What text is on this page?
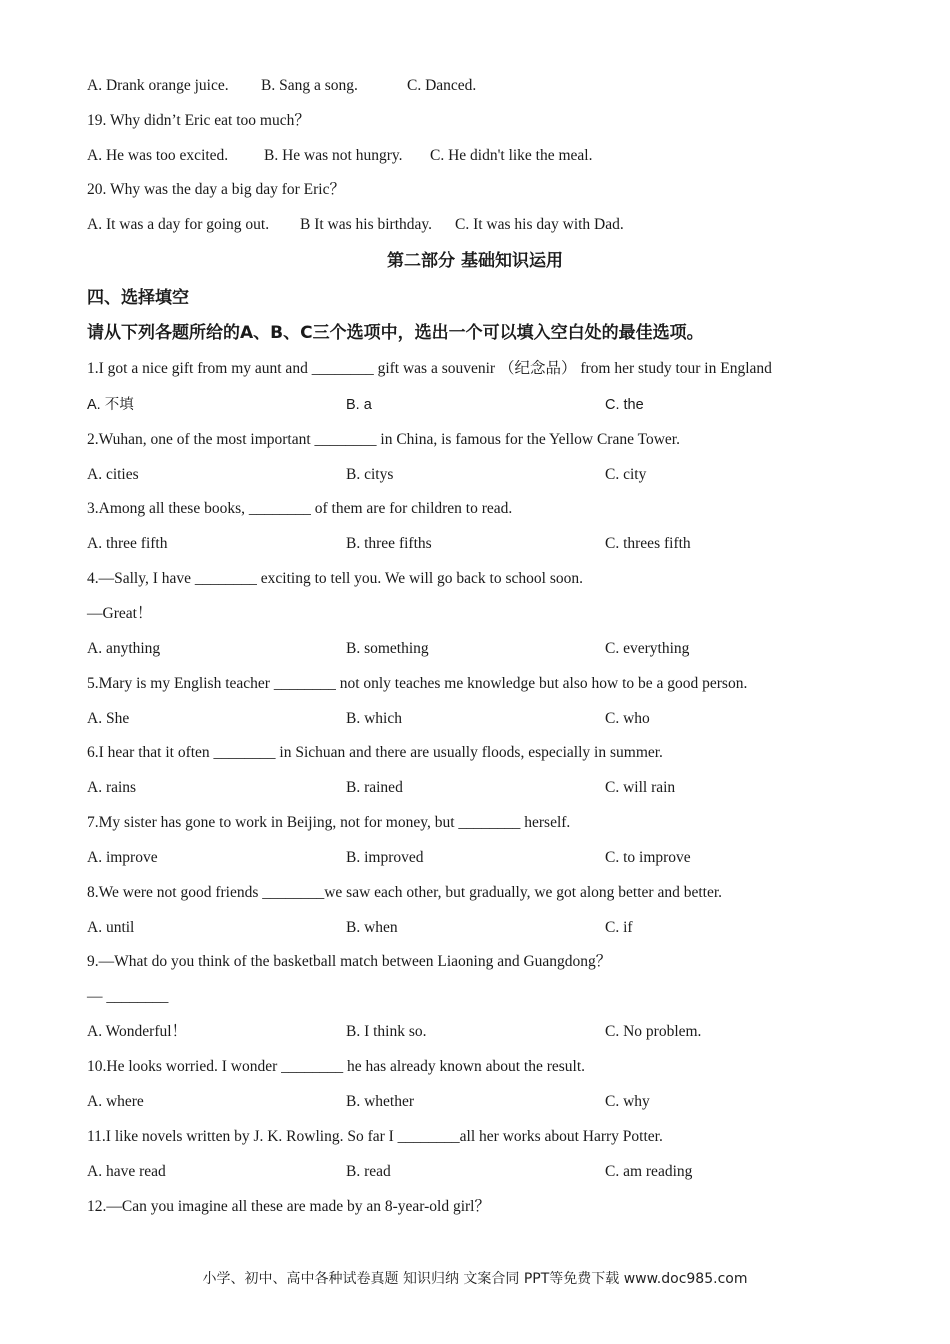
A. Drank orange juice. B. Sang a song.	C. Danced.
19. Why didn’t Eric eat too much？
A. He was too excited. B. He was not hungry. C. He didn't like the meal.
20. Why was the day a big day for Eric？
A. It was a day for going out. B It was his birthday. C. It was his day with Dad.
第二部分 基础知识运用
四、选择填空
请从下列各题所给的A、B、C三个选项中，选出一个可以填入空白处的最佳选项。
1.I got a nice gift from my aunt and ________ gift was a souvenir （纪念品） from her study tour in England
A. 不填	B. a	C. the
2.Wuhan, one of the most important ________ in China, is famous for the Yellow Crane Tower.
A. cities	B. citys	C. city
3.Among all these books, ________ of them are for children to read.
A. three fifth	B. three fifths	C. threes fifth
4.—Sally, I have ________ exciting to tell you. We will go back to school soon.
—Great！
A. anything	B. something	C. everything
5.Mary is my English teacher ________ not only teaches me knowledge but also how to be a good person.
A. She	B. which	C. who
6.I hear that it often ________ in Sichuan and there are usually floods, especially in summer.
A. rains	B. rained	C. will rain
7.My sister has gone to work in Beijing, not for money, but ________ herself.
A. improve	B. improved	C. to improve
8.We were not good friends ________we saw each other, but gradually, we got along better and better.
A. until	B. when	C. if
9.—What do you think of the basketball match between Liaoning and Guangdong？
— ________
A. Wonderful！	B. I think so.	C. No problem.
10.He looks worried. I wonder ________ he has already known about the result.
A. where	B. whether	C. why
11.I like novels written by J. K. Rowling. So far I ________all her works about Harry Potter.
A. have read	B. read	C. am reading
12.—Can you imagine all these are made by an 8-year-old girl？
小学、初中、高中各种试卷真题 知识归纳 文案合同 PPT等免费下载 www.doc985.com
